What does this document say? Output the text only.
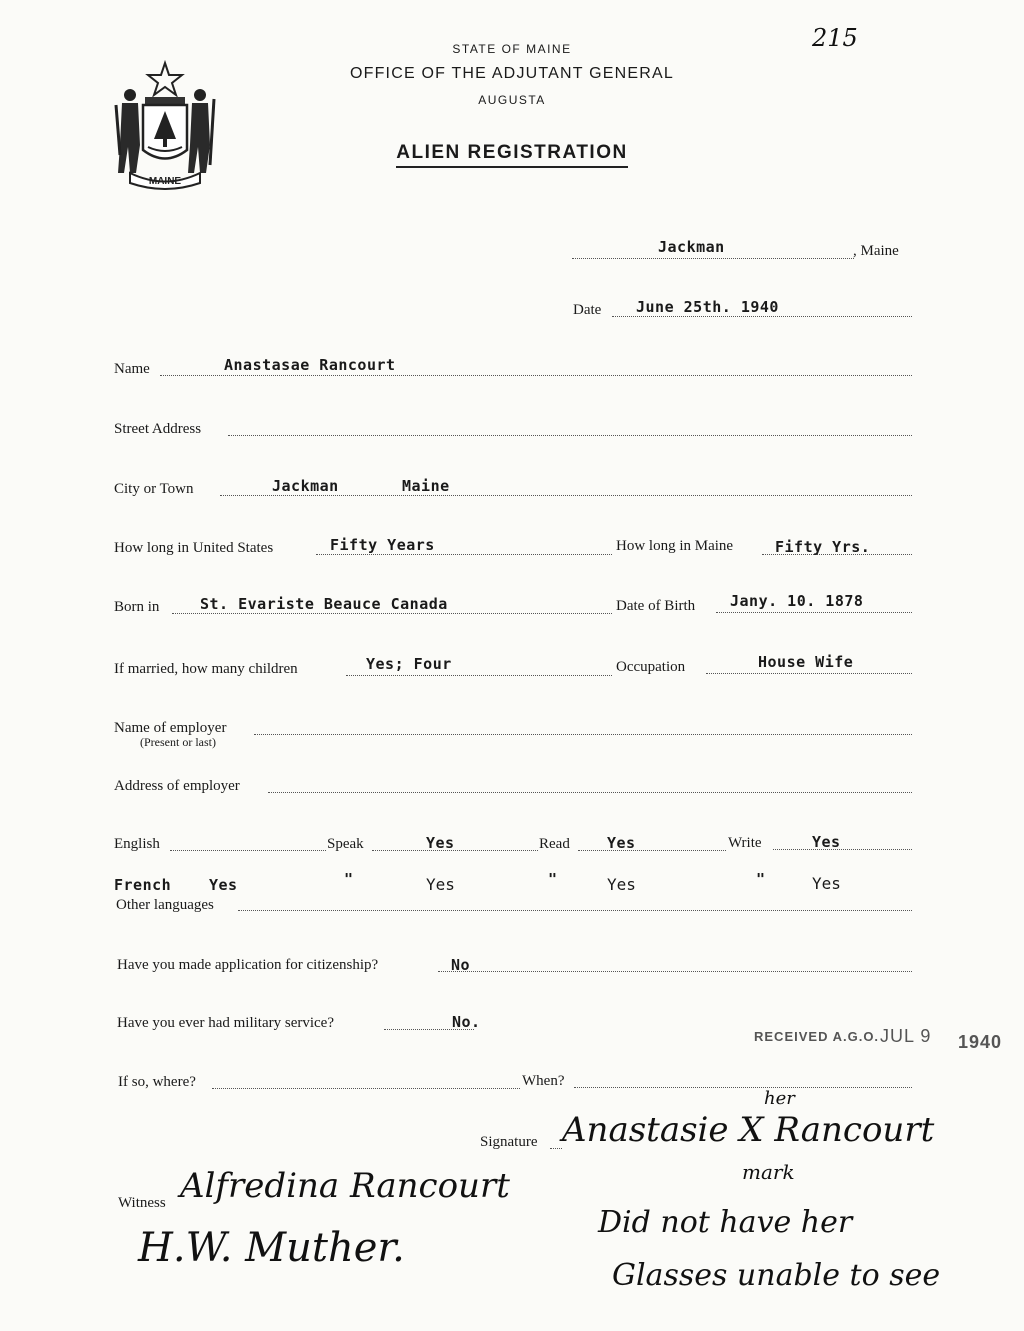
MAINE
STATE OF MAINE
OFFICE OF THE ADJUTANT GENERAL
AUGUSTA
ALIEN REGISTRATION
215
Jackman	, Maine
Date June 25th. 1940
Name	Anastasae Rancourt
Street Address
City or Town	Jackman	Maine
How long in United States	Fifty Years	How long in Maine	Fifty Yrs.
Born in	St. Evariste Beauce Canada	Date of Birth Jany. 10. 1878
If married, how many children	Yes; Four	Occupation	House Wife
Name of employer
(Present or last)
Address of employer
English	Speak	Yes	Read Yes	Write	Yes
French	Yes	"	Yes	"	Yes	"	Yes
Other languages
Have you made application for citizenship?	No
Have you ever had military service?	No.
RECEIVED A.G.O. JUL 9 1940
If so, where?	When?
Signature Anastasie X Rancourt
her
mark
Witness Alfredina Rancourt
H.W. Muther.
Did not have her
Glasses unable to see
